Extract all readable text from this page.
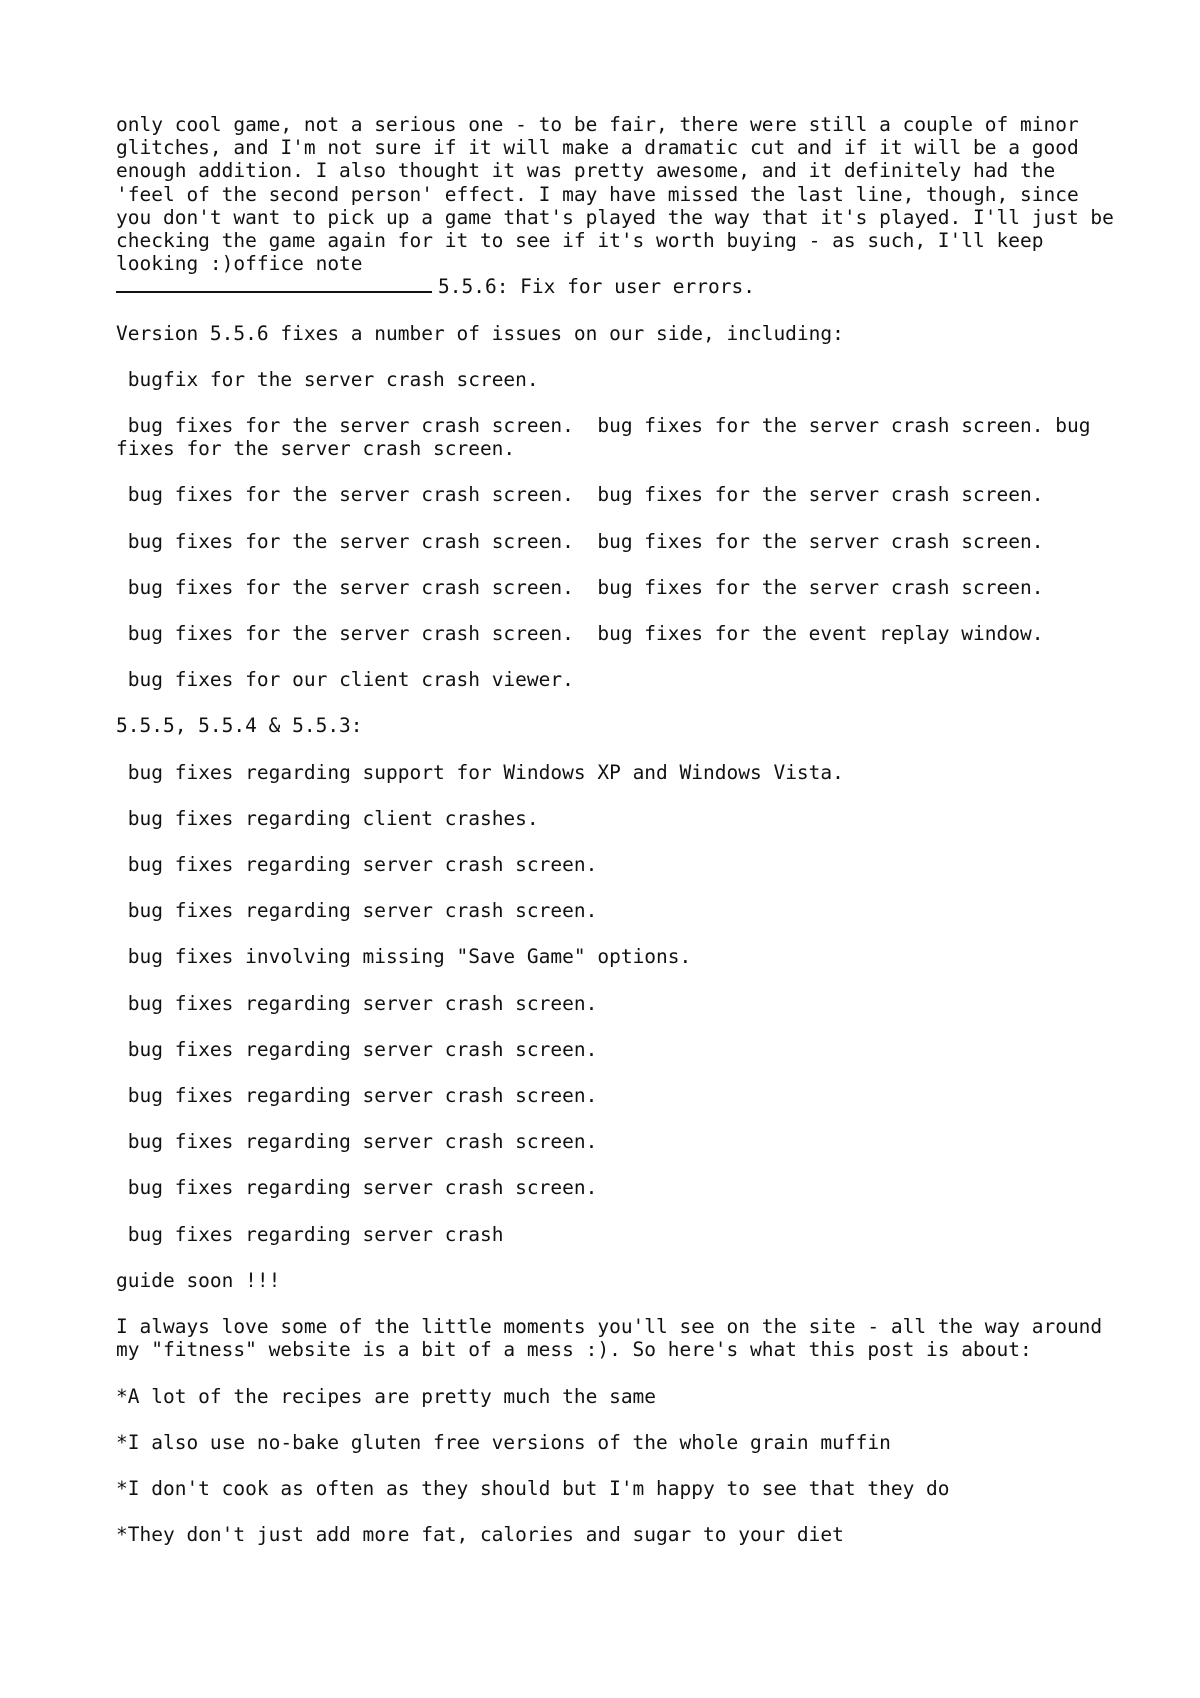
only cool game, not a serious one - to be fair, there were still a couple of minor glitches, and I'm not sure if it will make a dramatic cut and if it will be a good enough addition. I also thought it was pretty awesome, and it definitely had the 'feel of the second person' effect. I may have missed the last line, though, since you don't want to pick up a game that's played the way that it's played. I'll just be checking the game again for it to see if it's worth buying - as such, I'll keep looking :)office note
5.5.6: Fix for user errors.

Version 5.5.6 fixes a number of issues on our side, including:

bugfix for the server crash screen.

bug fixes for the server crash screen.  bug fixes for the server crash screen. bug fixes for the server crash screen.

bug fixes for the server crash screen.  bug fixes for the server crash screen.

bug fixes for the server crash screen.  bug fixes for the server crash screen.

bug fixes for the server crash screen.  bug fixes for the server crash screen.

bug fixes for the server crash screen.  bug fixes for the event replay window.

bug fixes for our client crash viewer.

5.5.5, 5.5.4 & 5.5.3:

bug fixes regarding support for Windows XP and Windows Vista.

bug fixes regarding client crashes.

bug fixes regarding server crash screen.

bug fixes regarding server crash screen.

bug fixes involving missing "Save Game" options.

bug fixes regarding server crash screen.

bug fixes regarding server crash screen.

bug fixes regarding server crash screen.

bug fixes regarding server crash screen.

bug fixes regarding server crash screen.

bug fixes regarding server crash

guide soon !!!

I always love some of the little moments you'll see on the site - all the way around my "fitness" website is a bit of a mess :). So here's what this post is about:

*A lot of the recipes are pretty much the same

*I also use no-bake gluten free versions of the whole grain muffin

*I don't cook as often as they should but I'm happy to see that they do

*They don't just add more fat, calories and sugar to your diet
